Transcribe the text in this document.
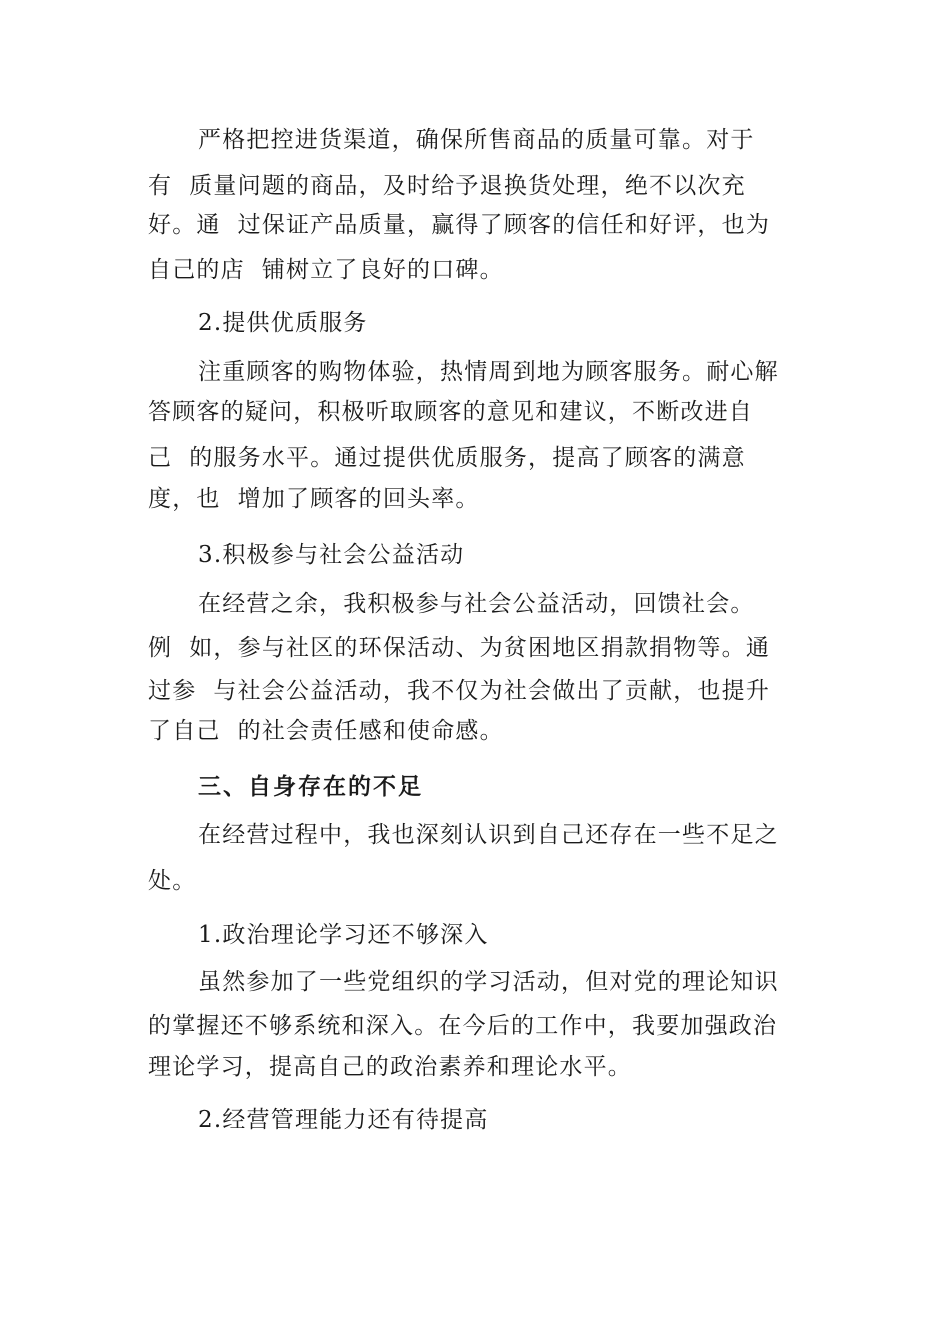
严格把控进货渠道，确保所售商品的质量可靠。对于
有  质量问题的商品，及时给予退换货处理，绝不以次充
好。通  过保证产品质量，赢得了顾客的信任和好评，也为
自己的店  铺树立了良好的口碑。
2.提供优质服务
注重顾客的购物体验，热情周到地为顾客服务。耐心解
答顾客的疑问，积极听取顾客的意见和建议，不断改进自
己  的服务水平。通过提供优质服务，提高了顾客的满意
度，也  增加了顾客的回头率。
3.积极参与社会公益活动
在经营之余，我积极参与社会公益活动，回馈社会。
例  如，参与社区的环保活动、为贫困地区捐款捐物等。通
过参  与社会公益活动，我不仅为社会做出了贡献，也提升
了自己  的社会责任感和使命感。
三、自身存在的不足
在经营过程中，我也深刻认识到自己还存在一些不足之
处。
1.政治理论学习还不够深入
虽然参加了一些党组织的学习活动，但对党的理论知识
的掌握还不够系统和深入。在今后的工作中，我要加强政治
理论学习，提高自己的政治素养和理论水平。
2.经营管理能力还有待提高
